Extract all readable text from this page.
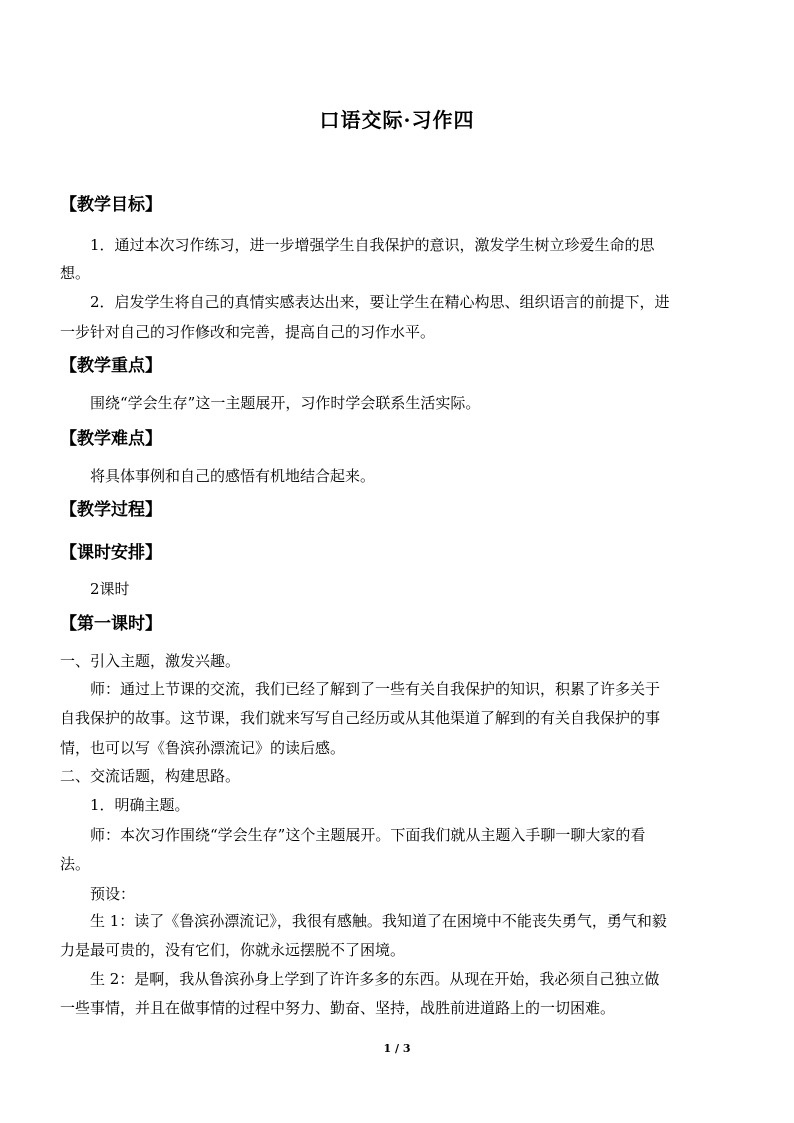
口语交际·习作四
【教学目标】
1．通过本次习作练习，进一步增强学生自我保护的意识，激发学生树立珍爱生命的思
想。
2．启发学生将自己的真情实感表达出来，要让学生在精心构思、组织语言的前提下，进
一步针对自己的习作修改和完善，提高自己的习作水平。
【教学重点】
围绕“学会生存”这一主题展开，习作时学会联系生活实际。
【教学难点】
将具体事例和自己的感悟有机地结合起来。
【教学过程】
【课时安排】
2课时
【第一课时】
一、引入主题，激发兴趣。
师：通过上节课的交流，我们已经了解到了一些有关自我保护的知识，积累了许多关于
自我保护的故事。这节课，我们就来写写自己经历或从其他渠道了解到的有关自我保护的事
情，也可以写《鲁滨孙漂流记》的读后感。
二、交流话题，构建思路。
1．明确主题。
师：本次习作围绕“学会生存”这个主题展开。下面我们就从主题入手聊一聊大家的看
法。
预设：
生 1：读了《鲁滨孙漂流记》，我很有感触。我知道了在困境中不能丧失勇气，勇气和毅
力是最可贵的，没有它们，你就永远摆脱不了困境。
生 2：是啊，我从鲁滨孙身上学到了许许多多的东西。从现在开始，我必须自己独立做
一些事情，并且在做事情的过程中努力、勤奋、坚持，战胜前进道路上的一切困难。
1 / 3
